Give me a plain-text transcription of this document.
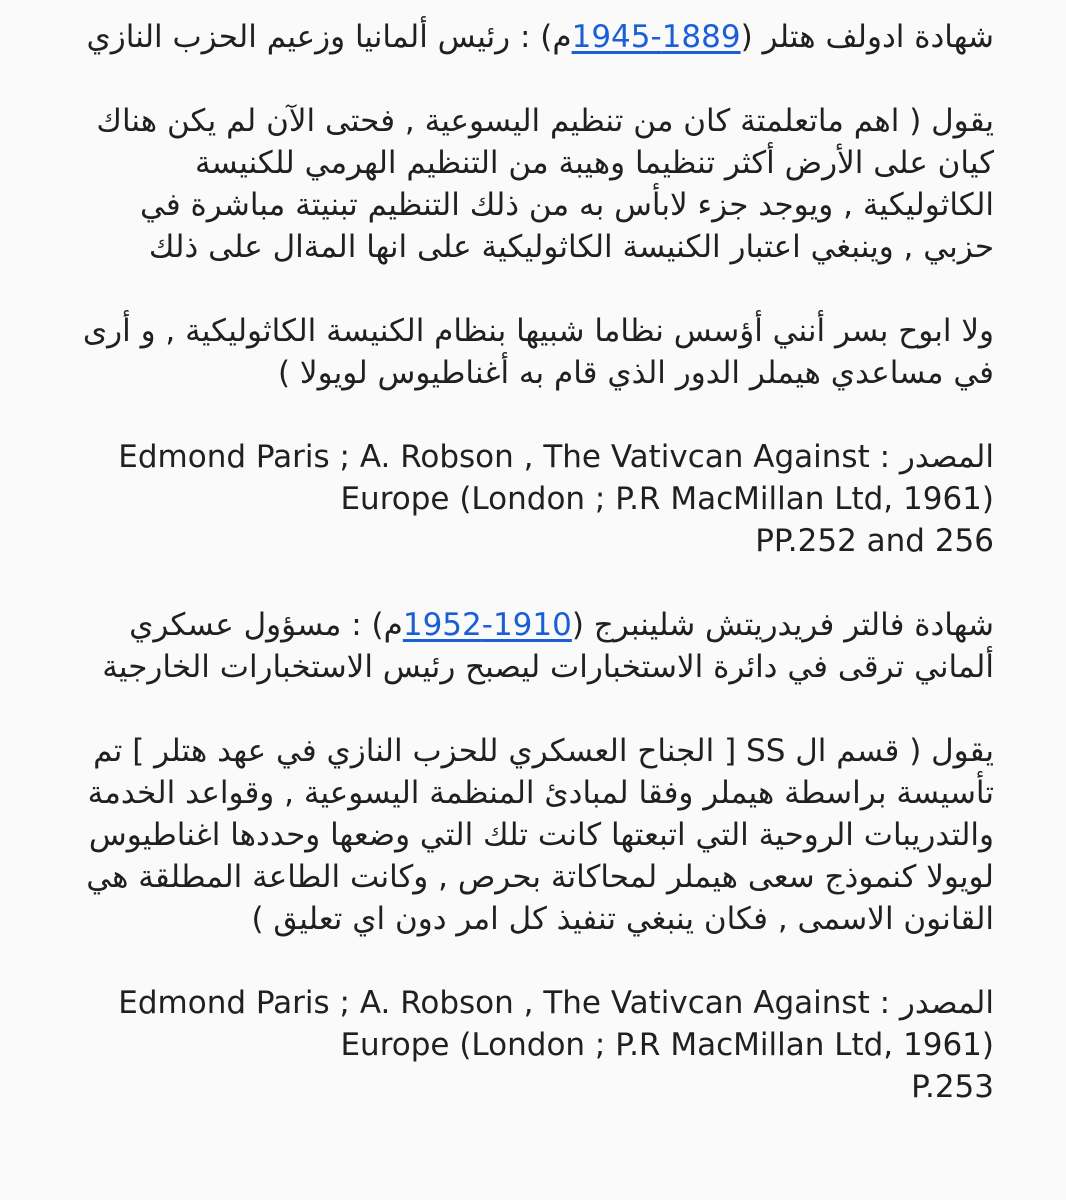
شهادة ادولف هتلر (1889-1945م) : رئيس ألمانيا وزعيم الحزب النازي

يقول ( اهم ماتعلمتة كان من تنظيم اليسوعية , فحتى الآن لم يكن هناك كيان على الأرض أكثر تنظيما وهيبة من التنظيم الهرمي للكنيسة الكاثوليكية , ويوجد جزء لابأس به من ذلك التنظيم تبنيتة مباشرة في حزبي , وينبغي اعتبار الكنيسة الكاثوليكية على انها المةال على ذلك

ولا ابوح بسر أنني أؤسس نظاما شبيها بنظام الكنيسة الكاثوليكية , و أرى في مساعدي هيملر الدور الذي قام به أغناطيوس لويولا )

المصدر : Edmond Paris ; A. Robson , The Vativcan Against

Europe (London ; P.R MacMillan Ltd, 1961)

PP.252 and 256

شهادة فالتر فريدريتش شلينبرج (1910-1952م) : مسؤول عسكري ألماني ترقى في دائرة الاستخبارات ليصبح رئيس الاستخبارات الخارجية

يقول ( قسم ال SS [ الجناح العسكري للحزب النازي في عهد هتلر ] تم تأسيسة براسطة هيملر وفقا لمبادئ المنظمة اليسوعية , وقواعد الخدمة والتدريبات الروحية التي اتبعتها كانت تلك التي وضعها وحددها اغناطيوس لويولا كنموذج سعى هيملر لمحاكاتة بحرص , وكانت الطاعة المطلقة هي القانون الاسمى , فكان ينبغي تنفيذ كل امر دون اي تعليق )

المصدر : Edmond Paris ; A. Robson , The Vativcan Against

Europe (London ; P.R MacMillan Ltd, 1961)

P.253
